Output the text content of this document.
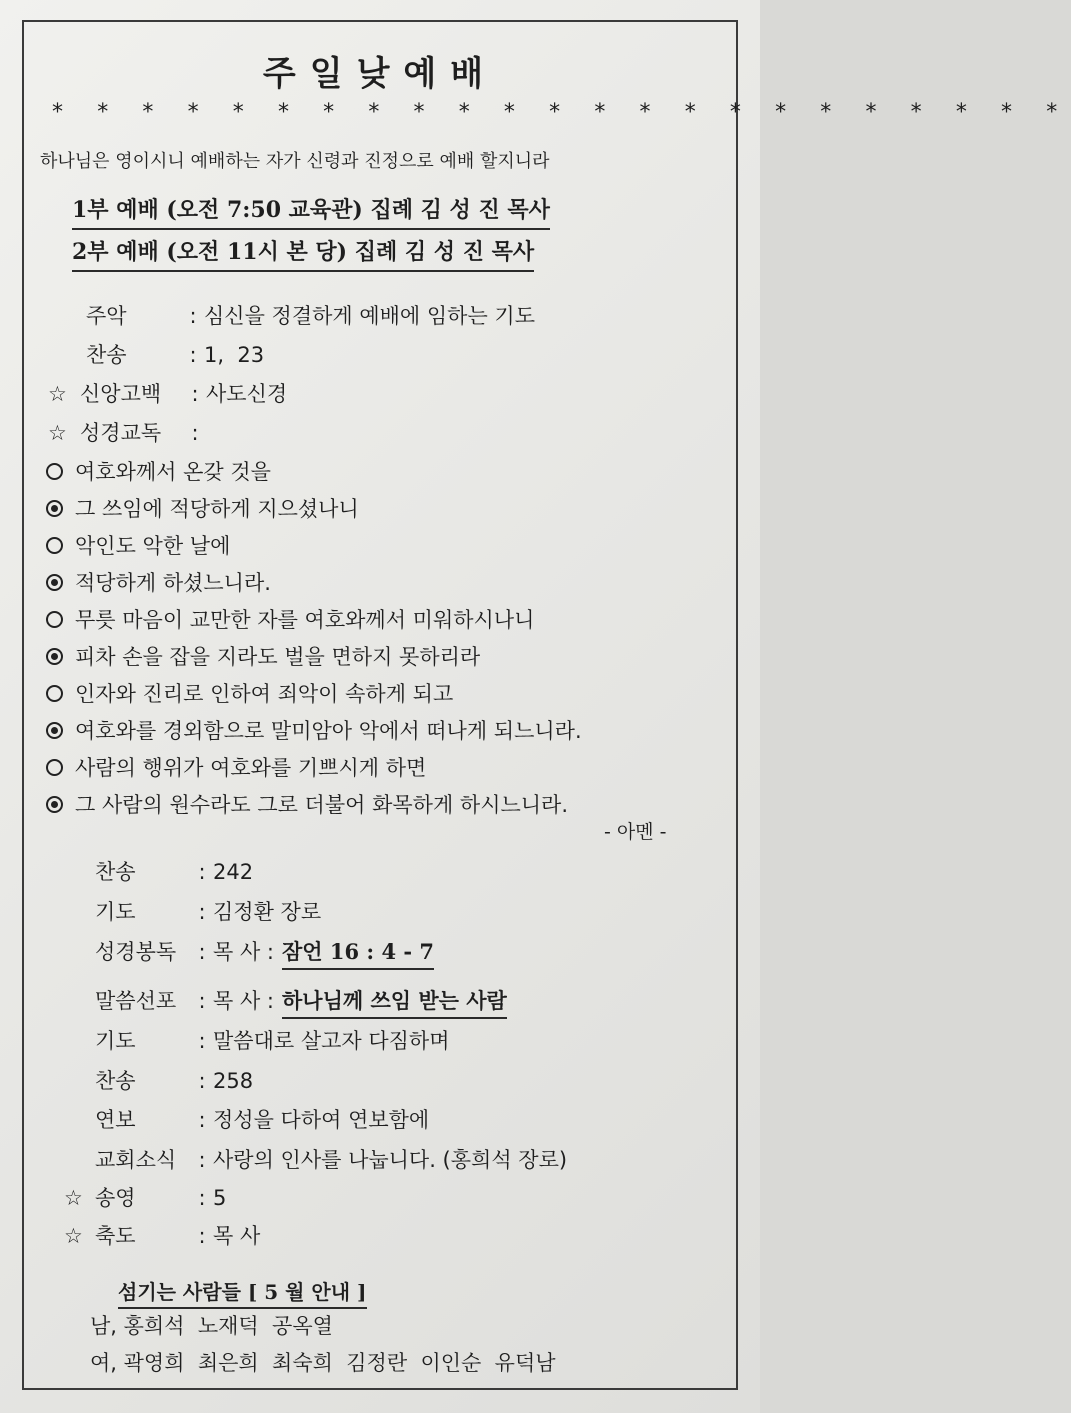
주일낮예배
* * * * * * * * * * * * * * * * * * * * * * *
하나님은 영이시니 예배하는 자가 신령과 진정으로 예배 할지니라
1부 예배 (오전 7:50 교육관) 집례 김 성 진 목사
2부 예배 (오전 11시 본 당) 집례 김 성 진 목사
주악	: 심신을 정결하게 예배에 임하는 기도
찬송	: 1,  23
☆ 신앙고백	: 사도신경
☆ 성경교독	:
여호와께서 온갖 것을
그 쓰임에 적당하게 지으셨나니
악인도 악한 날에
적당하게 하셨느니라.
무릇 마음이 교만한 자를 여호와께서 미워하시나니
피차 손을 잡을 지라도 벌을 면하지 못하리라
인자와 진리로 인하여 죄악이 속하게 되고
여호와를 경외함으로 말미암아 악에서 떠나게 되느니라.
사람의 행위가 여호와를 기쁘시게 하면
그 사람의 원수라도 그로 더불어 화목하게 하시느니라.
- 아멘 -
찬송	: 242
기도	: 김정환 장로
성경봉독	: 목 사 : 잠언 16 : 4 - 7
말씀선포	: 목 사 : 하나님께 쓰임 받는 사람
기도	: 말씀대로 살고자 다짐하며
찬송	: 258
연보	: 정성을 다하여 연보함에
교회소식	: 사랑의 인사를 나눕니다. (홍희석 장로)
☆ 송영	: 5
☆ 축도	: 목 사
섬기는 사람들 [ 5 월 안내 ]
남, 홍희석  노재덕  공옥열
여, 곽영희  최은희  최숙희  김정란  이인순  유덕남
